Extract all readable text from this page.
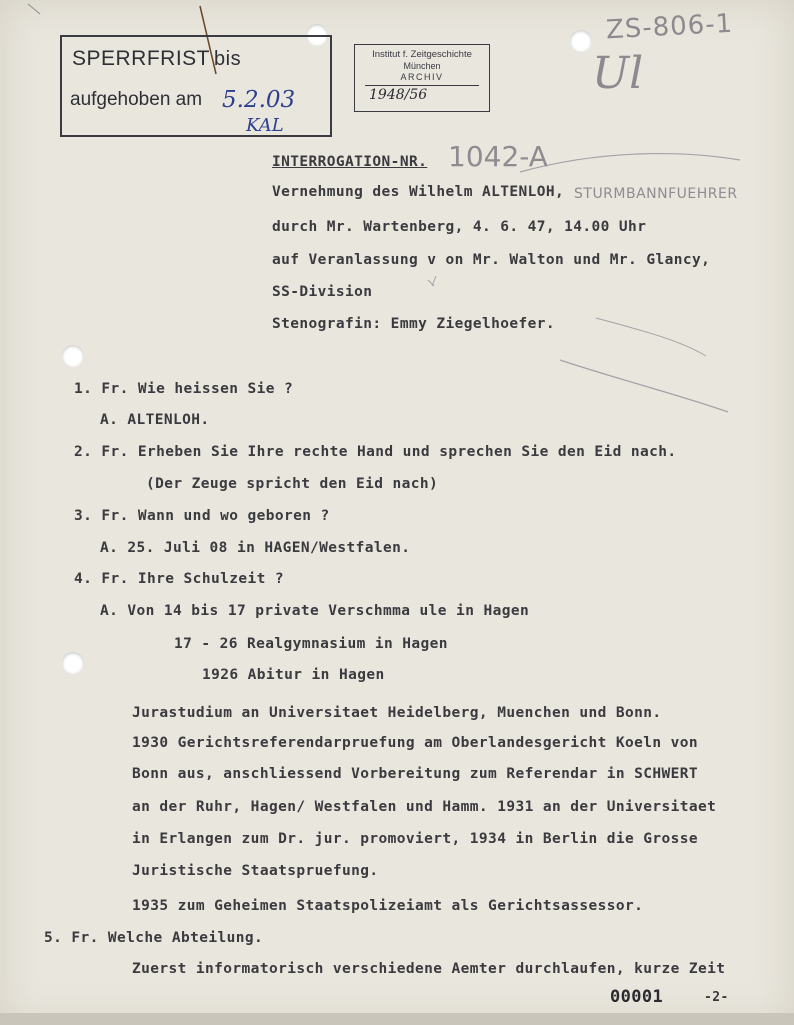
SPERRFRIST bis
aufgehoben am 5.2.03
KAL
Institut f. Zeitgeschichte
München
ARCHIV
1948/56
ZS-806-1
Ul
INTERROGATION-NR. 1042-A
Vernehmung des Wilhelm ALTENLOH, STURMBANNFUEHRER
durch Mr. Wartenberg, 4. 6. 47, 14.00 Uhr
auf Veranlassung v on Mr. Walton und Mr. Glancy,
SS-Division
Stenografin: Emmy Ziegelhoefer.
1. Fr. Wie heissen Sie ?
A. ALTENLOH.
2. Fr. Erheben Sie Ihre rechte Hand und sprechen Sie den Eid nach.
(Der Zeuge spricht den Eid nach)
3. Fr. Wann und wo geboren ?
A. 25. Juli 08 in HAGEN/Westfalen.
4. Fr. Ihre Schulzeit ?
A. Von 14 bis 17 private Verschmma ule in Hagen
17 - 26 Realgymnasium in Hagen
1926 Abitur in Hagen
Jurastudium an Universitaet Heidelberg, Muenchen und Bonn.
1930 Gerichtsreferendarpruefung am Oberlandesgericht Koeln von
Bonn aus, anschliessend Vorbereitung zum Referendar in SCHWERT
an der Ruhr, Hagen/ Westfalen und Hamm. 1931 an der Universitaet
in Erlangen zum Dr. jur. promoviert, 1934 in Berlin die Grosse
Juristische Staatspruefung.
1935 zum Geheimen Staatspolizeiamt als Gerichtsassessor.
5. Fr. Welche Abteilung.
Zuerst informatorisch verschiedene Aemter durchlaufen, kurze Zeit
00001	-2-
